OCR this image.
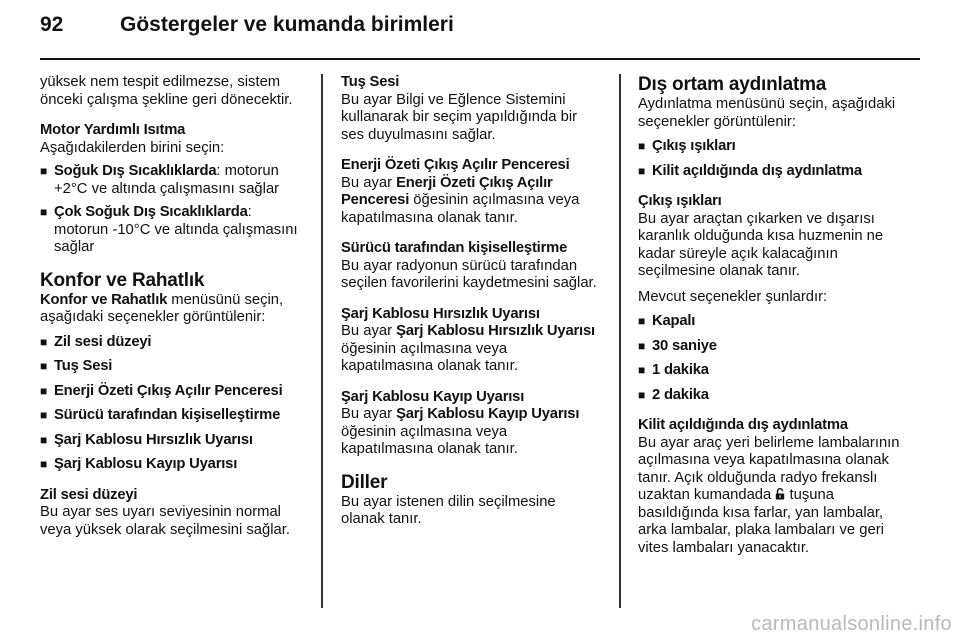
92	Göstergeler ve kumanda birimleri

yüksek nem tespit edilmezse, sistem önceki çalışma şekline geri dönecektir.

Motor Yardımlı Isıtma

Aşağıdakilerden birini seçin:

■ Soğuk Dış Sıcaklıklarda: motorun +2°C ve altında çalışmasını sağlar
■ Çok Soğuk Dış Sıcaklıklarda: motorun -10°C ve altında çalışmasını sağlar

Konfor ve Rahatlık

Konfor ve Rahatlık menüsünü seçin, aşağıdaki seçenekler görüntülenir:

■ Zil sesi düzeyi
■ Tuş Sesi
■ Enerji Özeti Çıkış Açılır Penceresi
■ Sürücü tarafından kişiselleştirme
■ Şarj Kablosu Hırsızlık Uyarısı
■ Şarj Kablosu Kayıp Uyarısı

Zil sesi düzeyi

Bu ayar ses uyarı seviyesinin normal veya yüksek olarak seçilmesini sağlar.

Tuş Sesi

Bu ayar Bilgi ve Eğlence Sistemini kullanarak bir seçim yapıldığında bir ses duyulmasını sağlar.

Enerji Özeti Çıkış Açılır Penceresi

Bu ayar Enerji Özeti Çıkış Açılır Penceresi öğesinin açılmasına veya kapatılmasına olanak tanır.

Sürücü tarafından kişiselleştirme

Bu ayar radyonun sürücü tarafından seçilen favorilerini kaydetmesini sağlar.

Şarj Kablosu Hırsızlık Uyarısı

Bu ayar Şarj Kablosu Hırsızlık Uyarısı öğesinin açılmasına veya kapatılmasına olanak tanır.

Şarj Kablosu Kayıp Uyarısı

Bu ayar Şarj Kablosu Kayıp Uyarısı öğesinin açılmasına veya kapatılmasına olanak tanır.

Diller

Bu ayar istenen dilin seçilmesine olanak tanır.

Dış ortam aydınlatma

Aydınlatma menüsünü seçin, aşağıdaki seçenekler görüntülenir:

■ Çıkış ışıkları
■ Kilit açıldığında dış aydınlatma

Çıkış ışıkları

Bu ayar araçtan çıkarken ve dışarısı karanlık olduğunda kısa huzmenin ne kadar süreyle açık kalacağının seçilmesine olanak tanır.

Mevcut seçenekler şunlardır:

■ Kapalı
■ 30 saniye
■ 1 dakika
■ 2 dakika

Kilit açıldığında dış aydınlatma

Bu ayar araç yeri belirleme lambalarının açılmasına veya kapatılmasına olanak tanır. Açık olduğunda radyo frekanslı uzaktan kumandada  tuşuna basıldığında kısa farlar, yan lambalar, arka lambalar, plaka lambaları ve geri vites lambaları yanacaktır.

carmanualsonline.info
